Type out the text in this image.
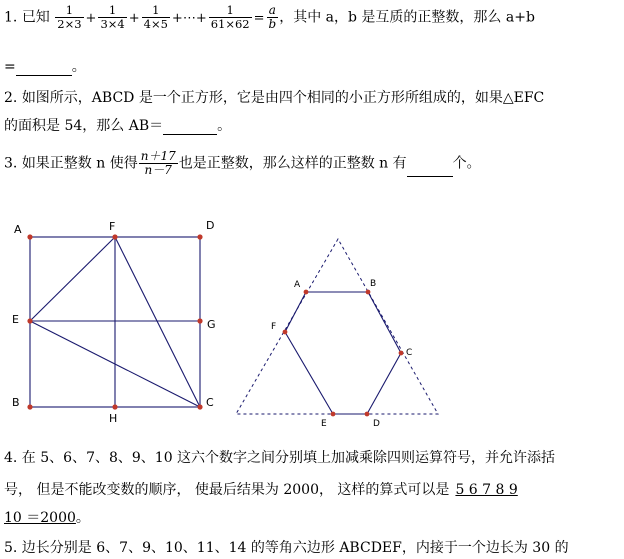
1. 已知 $\frac{1}{2\times 3} + \frac{1}{3\times 4} + \frac{1}{4\times 5}$ +⋯+ $\frac{1}{61\times 62} = \frac{a}{b}$ ，其中 a，b 是互质的正整数，那么 a+b
=	。
2. 如图所示，ABCD 是一个正方形，它是由四个相同的小正方形所组成的，如果△EFC
的面积是 54，那么 AB＝	。
3. 如果正整数 n 使得 $\frac{n+17}{n-7}$ 也是正整数，那么这样的正整数 n 有	个。
A	F	D
E	G
B
H
C
A	B
F
C
E	D
4. 在 5、6、7、8、9、10 这六个数字之间分别填上加减乘除四则运算符号，并允许添括
号， 但是不能改变数的顺序， 使最后结果为 2000， 这样的算式可以是 5 6 7 8 9
10 ＝2000。
5. 边长分别是 6、7、9、10、11、14 的等角六边形 ABCDEF，内接于一个边长为 30 的
